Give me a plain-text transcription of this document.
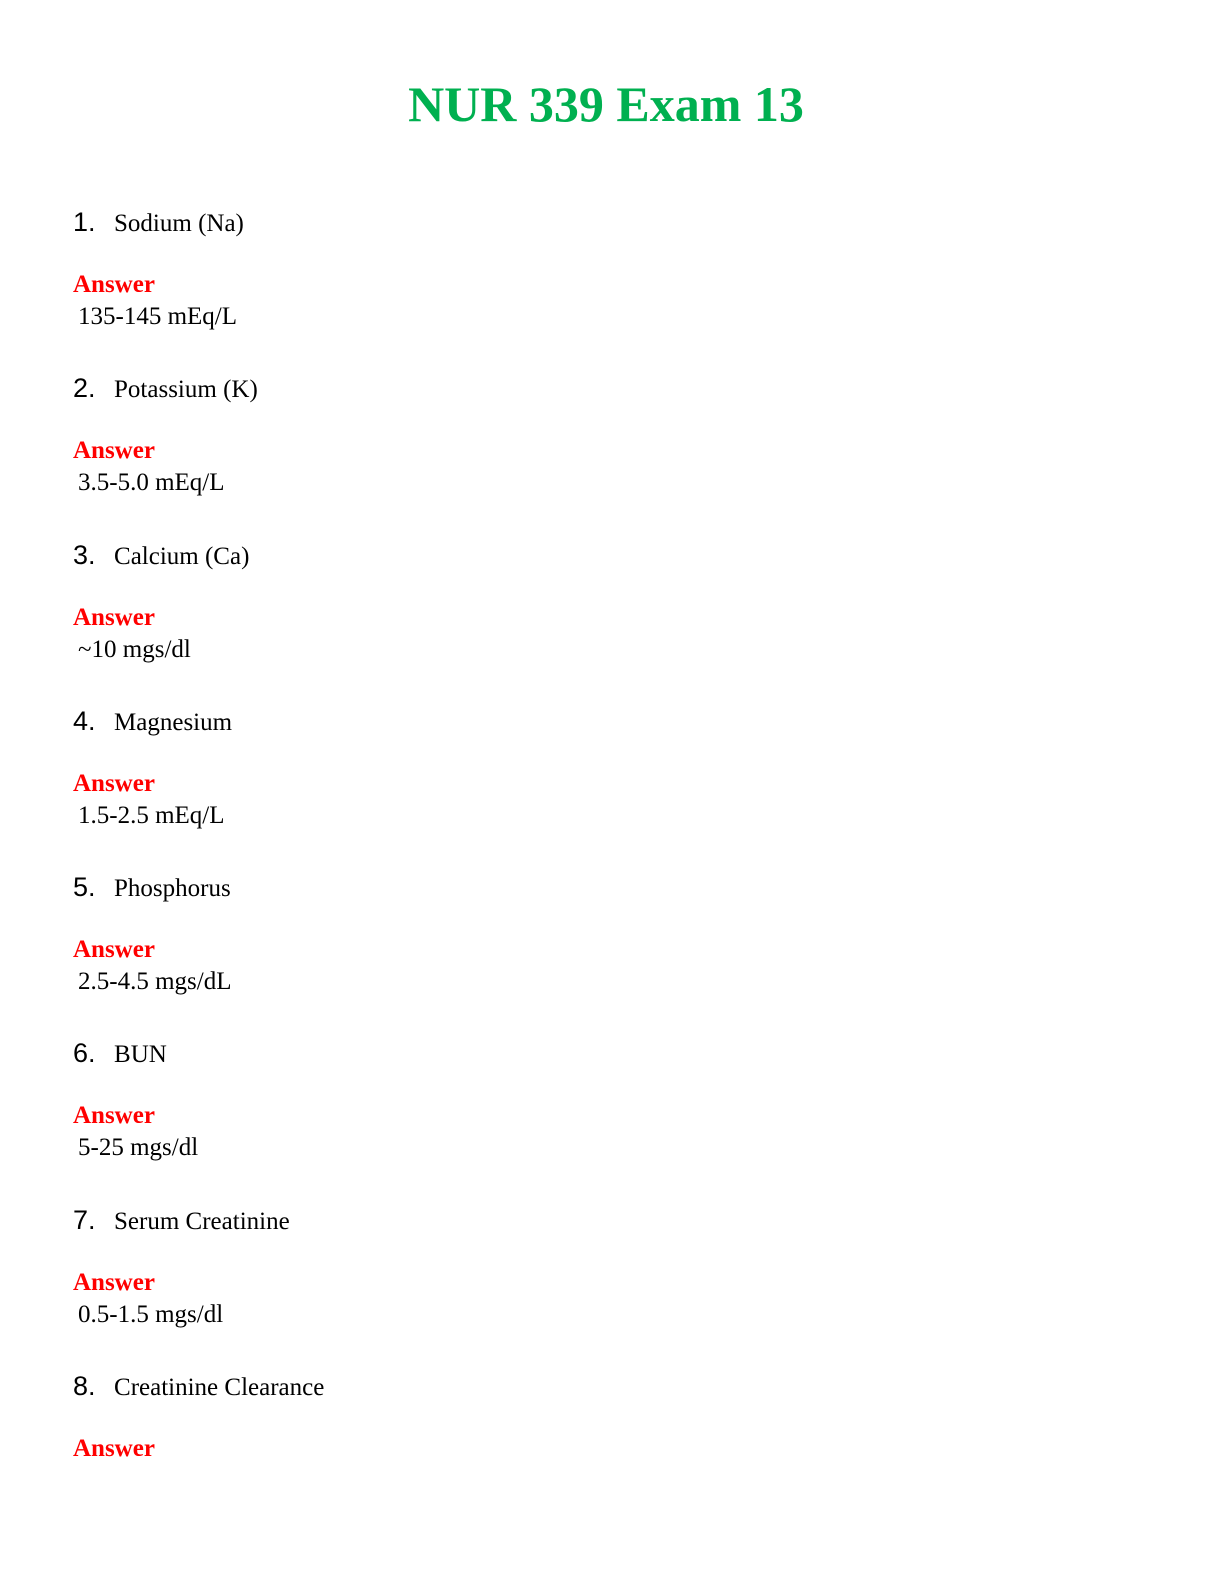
NUR 339 Exam 13
1 . Sodium (Na)
Answer
135-145 mEq/L
2 . Potassium (K)
Answer
3.5-5.0 mEq/L
3 . Calcium (Ca)
Answer
~10 mgs/dl
4 . Magnesium
Answer
1.5-2.5 mEq/L
5 . Phosphorus
Answer
2.5-4.5 mgs/dL
6 . BUN
Answer
5-25 mgs/dl
7 . Serum Creatinine
Answer
0.5-1.5 mgs/dl
8 . Creatinine Clearance
Answer
